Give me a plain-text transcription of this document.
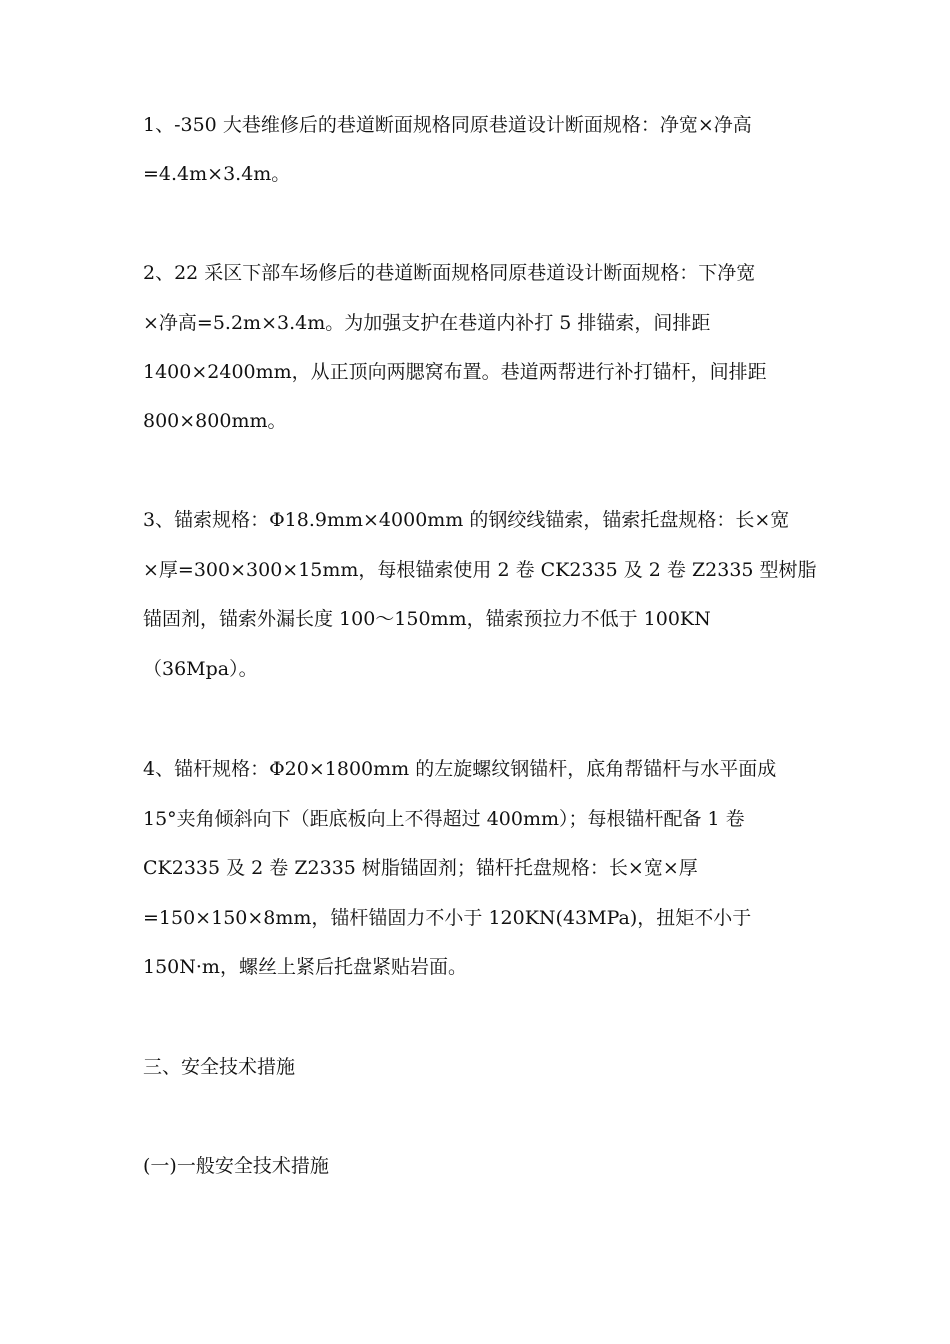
1、-350 大巷维修后的巷道断面规格同原巷道设计断面规格：净宽×净高
=4.4m×3.4m。
2、22 采区下部车场修后的巷道断面规格同原巷道设计断面规格：下净宽
×净高=5.2m×3.4m。为加强支护在巷道内补打 5 排锚索，间排距
1400×2400mm，从正顶向两腮窝布置。巷道两帮进行补打锚杆，间排距
800×800mm。
3、锚索规格：Φ18.9mm×4000mm 的钢绞线锚索，锚索托盘规格：长×宽
×厚=300×300×15mm，每根锚索使用 2 卷 CK2335 及 2 卷 Z2335 型树脂
锚固剂，锚索外漏长度 100～150mm，锚索预拉力不低于 100KN
（36Mpa）。
4、锚杆规格：Φ20×1800mm 的左旋螺纹钢锚杆，底角帮锚杆与水平面成
15°夹角倾斜向下（距底板向上不得超过 400mm）；每根锚杆配备 1 卷
CK2335 及 2 卷 Z2335 树脂锚固剂；锚杆托盘规格：长×宽×厚
=150×150×8mm，锚杆锚固力不小于 120KN(43MPa)，扭矩不小于
150N·m，螺丝上紧后托盘紧贴岩面。
三、安全技术措施
(一)一般安全技术措施
